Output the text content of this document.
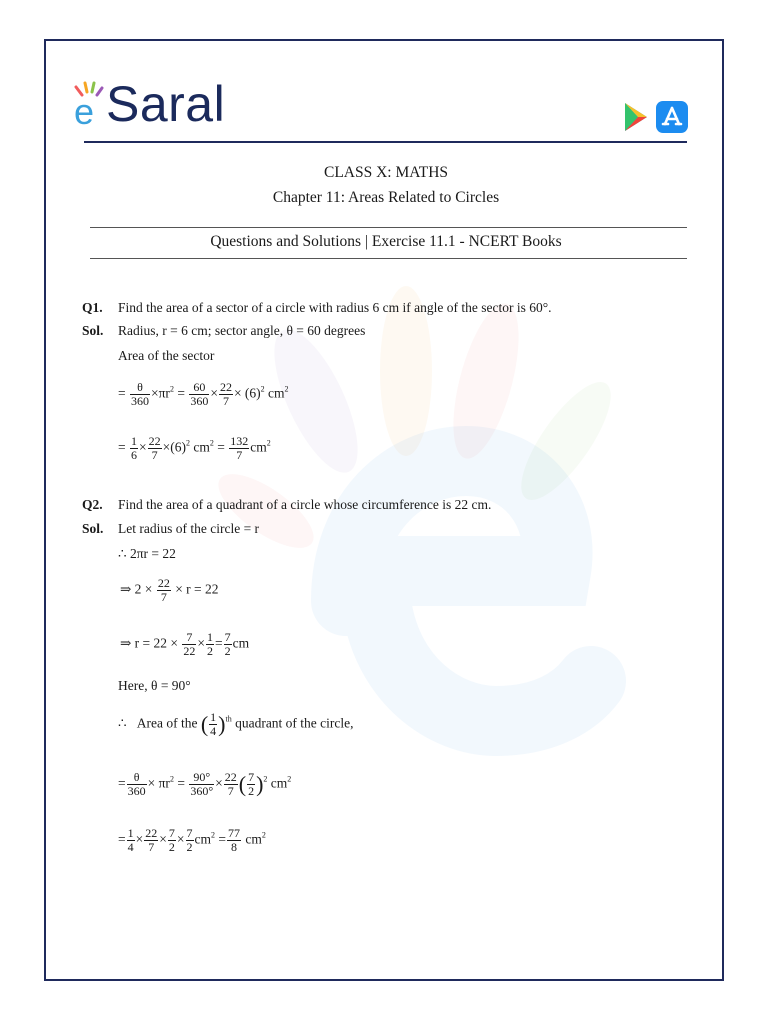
e Saral
CLASS X: MATHS
Chapter 11: Areas Related to Circles
Questions and Solutions | Exercise 11.1 - NCERT Books
Q1. Find the area of a sector of a circle with radius 6 cm if angle of the sector is 60°.
Sol. Radius, r = 6 cm; sector angle, θ = 60 degrees
Area of the sector
= $\frac{\theta}{360} \times\pi r^2 = \frac{60}{360} \times \frac{22}{7} \times (6)^2$ $cm^2$
= $\frac{1}{6} \times \frac{22}{7} \times(6)^2$ $cm^2 = \frac{132}{7} cm^2$
Q2. Find the area of a quadrant of a circle whose circumference is 22 cm.
Sol. Let radius of the circle = r
∴ 2πr = 22
⇒ $2 \times \frac{22}{7} \times r = 22$
⇒ $r = 22 \times \frac{7}{22} \times \frac{1}{2} = \frac{7}{2}$ cm
Here, θ = 90°
∴   Area of the ( $\frac{1}{4} )^{th}$ quadrant of the circle,
= $\frac{\theta}{360} \times \pi r^2 = \frac{90^\circ}{360^\circ} \times \frac{22}{7}$ ( $\frac{7}{2} )^2$ $cm^2$
= $\frac{1}{4} \times \frac{22}{7} \times \frac{7}{2} \times \frac{7}{2} cm^2 = \frac{77}{8} cm^2$
